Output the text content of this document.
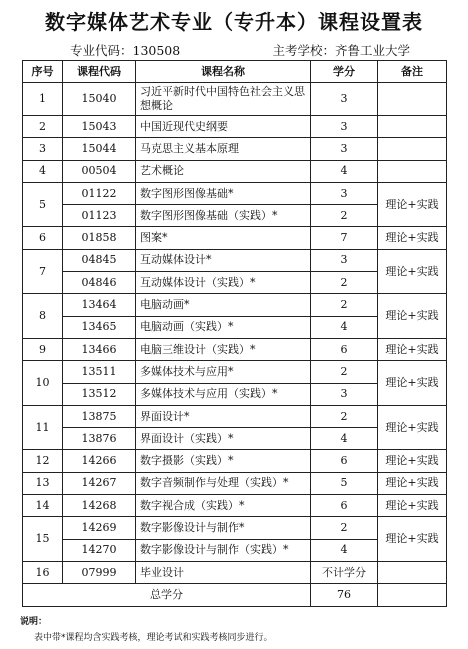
数字媒体艺术专业（专升本）课程设置表
专业代码：130508	主考学校：齐鲁工业大学
序号	课程代码	课程名称	学分	备注
1	15040	习近平新时代中国特色社会主义思想概论	3	
2	15043	中国近现代史纲要	3	
3	15044	马克思主义基本原理	3	
4	00504	艺术概论	4	
5	01122	数字图形图像基础*	3	理论+实践
	01123	数字图形图像基础（实践）*	2	
6	01858	图案*	7	理论+实践
7	04845	互动媒体设计*	3	理论+实践
	04846	互动媒体设计（实践）*	2	
8	13464	电脑动画*	2	理论+实践
	13465	电脑动画（实践）*	4	
9	13466	电脑三维设计（实践）*	6	理论+实践
10	13511	多媒体技术与应用*	2	理论+实践
	13512	多媒体技术与应用（实践）*	3	
11	13875	界面设计*	2	理论+实践
	13876	界面设计（实践）*	4	
12	14266	数字摄影（实践）*	6	理论+实践
13	14267	数字音频制作与处理（实践）*	5	理论+实践
14	14268	数字视合成（实践）*	6	理论+实践
15	14269	数字影像设计与制作*	2	理论+实践
	14270	数字影像设计与制作（实践）*	4	
16	07999	毕业设计	不计学分	
总学分			76	
说明：
表中带*课程均含实践考核，理论考试和实践考核同步进行。
